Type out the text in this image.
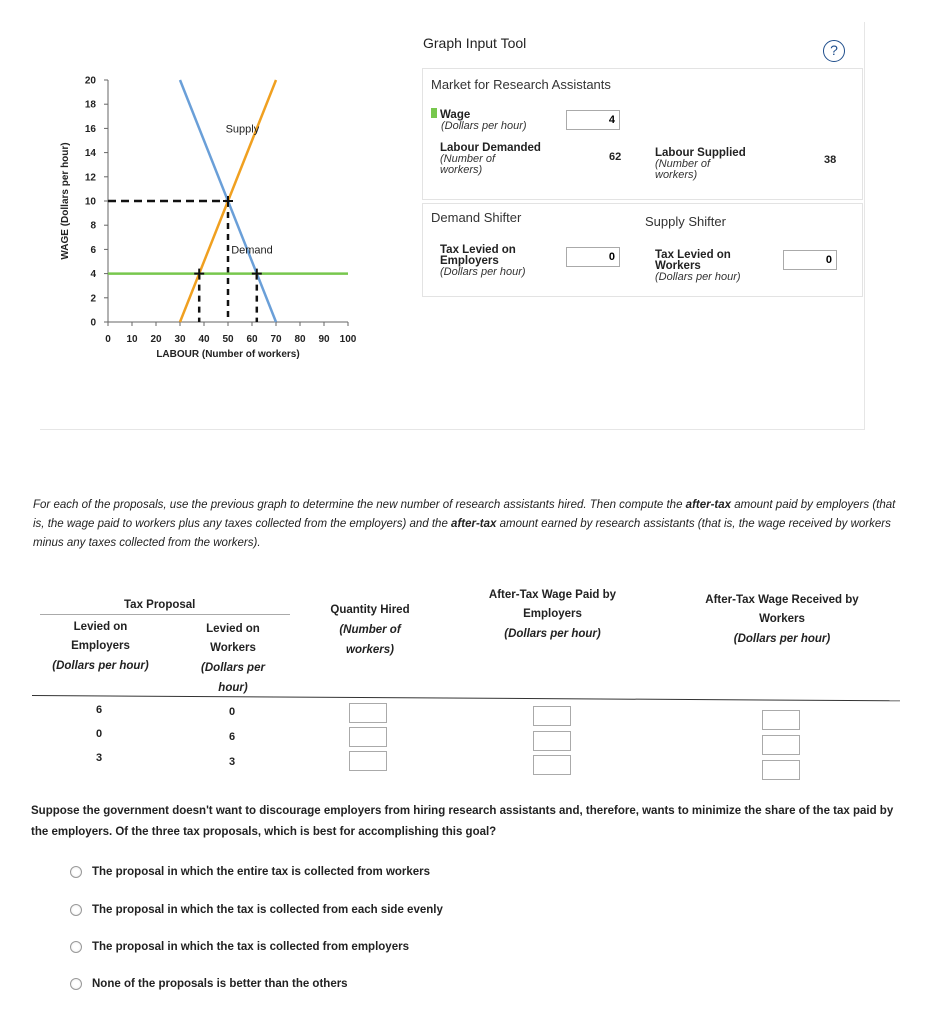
0
2
4
6
8
10
12
14
16
18
20
0 10 20 30 40 50 60 70 80 90 100
LABOUR (Number of workers)
WAGE (Dollars per hour)
Supply
Demand
Graph Input Tool	?
Market for Research Assistants
Wage
(Dollars per hour)
4
Labour Demanded
(Number of
workers)
62	Labour Supplied
(Number of
workers)
38
Demand Shifter	Supply Shifter
Tax Levied on
Employers
(Dollars per hour)
0
Tax Levied on
Workers
(Dollars per hour)
0
For each of the proposals, use the previous graph to determine the new number of research assistants hired. Then compute the after-tax amount paid by employers (that is, the wage paid to workers plus any taxes collected from the employers) and the after-tax amount earned by research assistants (that is, the wage received by workers minus any taxes collected from the workers).
Tax Proposal
Levied on
Employers
(Dollars per hour)
Levied on
Workers
(Dollars per
hour)
Quantity Hired
(Number of
workers)
After-Tax Wage Paid by
Employers
(Dollars per hour)
After-Tax Wage Received by
Workers
(Dollars per hour)
6	0
0	6
3	3
Suppose the government doesn't want to discourage employers from hiring research assistants and, therefore, wants to minimize the share of the tax paid by the employers. Of the three tax proposals, which is best for accomplishing this goal?
The proposal in which the entire tax is collected from workers
The proposal in which the tax is collected from each side evenly
The proposal in which the tax is collected from employers
None of the proposals is better than the others
